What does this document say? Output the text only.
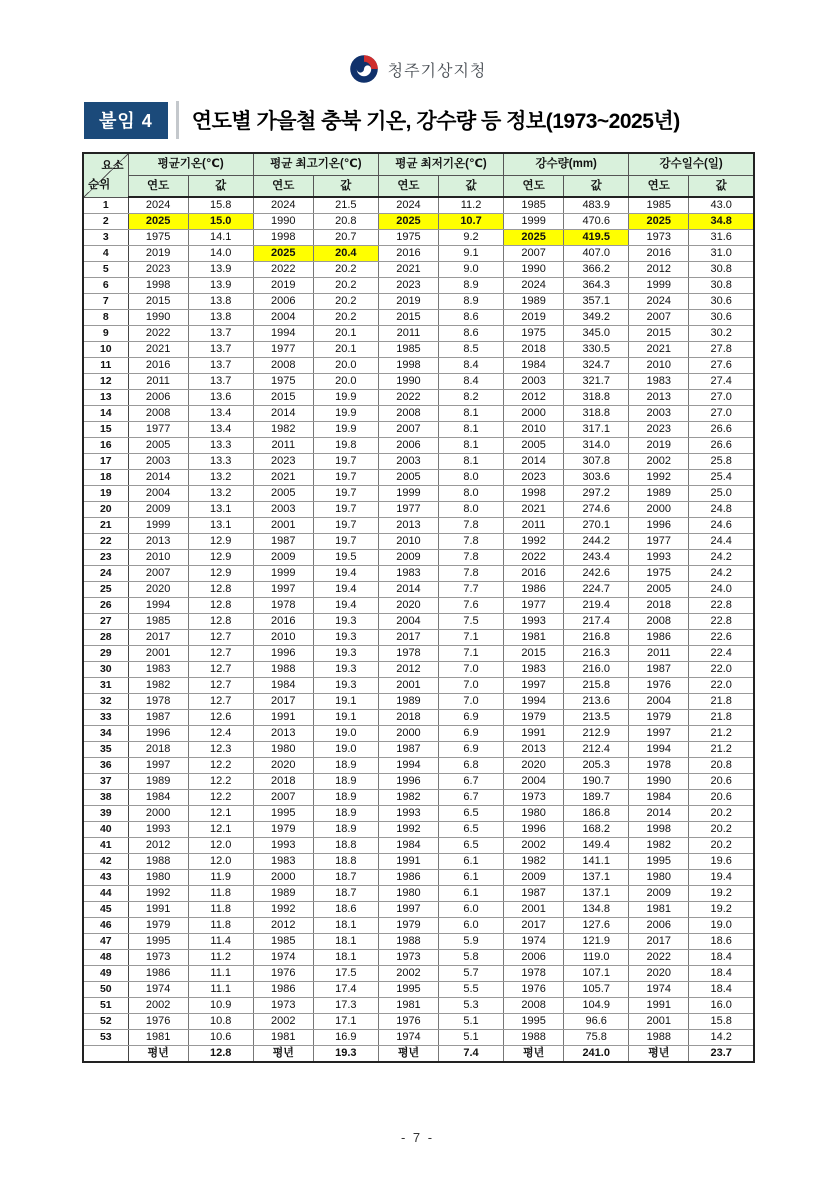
청주기상지청
붙임 4	연도별 가을철 충북 기온, 강수량 등 정보(1973~2025년)
요소
순위	평균기온(℃)		평균 최고기온(℃)		평균 최저기온(℃)		강수량(mm)		강수일수(일)	
	연도	값	연도	값	연도	값	연도	값	연도	값
1	2024	15.8	2024	21.5	2024	11.2	1985	483.9	1985	43.0
2	2025	15.0	1990	20.8	2025	10.7	1999	470.6	2025	34.8
3	1975	14.1	1998	20.7	1975	9.2	2025	419.5	1973	31.6
4	2019	14.0	2025	20.4	2016	9.1	2007	407.0	2016	31.0
5	2023	13.9	2022	20.2	2021	9.0	1990	366.2	2012	30.8
6	1998	13.9	2019	20.2	2023	8.9	2024	364.3	1999	30.8
7	2015	13.8	2006	20.2	2019	8.9	1989	357.1	2024	30.6
8	1990	13.8	2004	20.2	2015	8.6	2019	349.2	2007	30.6
9	2022	13.7	1994	20.1	2011	8.6	1975	345.0	2015	30.2
10	2021	13.7	1977	20.1	1985	8.5	2018	330.5	2021	27.8
11	2016	13.7	2008	20.0	1998	8.4	1984	324.7	2010	27.6
12	2011	13.7	1975	20.0	1990	8.4	2003	321.7	1983	27.4
13	2006	13.6	2015	19.9	2022	8.2	2012	318.8	2013	27.0
14	2008	13.4	2014	19.9	2008	8.1	2000	318.8	2003	27.0
15	1977	13.4	1982	19.9	2007	8.1	2010	317.1	2023	26.6
16	2005	13.3	2011	19.8	2006	8.1	2005	314.0	2019	26.6
17	2003	13.3	2023	19.7	2003	8.1	2014	307.8	2002	25.8
18	2014	13.2	2021	19.7	2005	8.0	2023	303.6	1992	25.4
19	2004	13.2	2005	19.7	1999	8.0	1998	297.2	1989	25.0
20	2009	13.1	2003	19.7	1977	8.0	2021	274.6	2000	24.8
21	1999	13.1	2001	19.7	2013	7.8	2011	270.1	1996	24.6
22	2013	12.9	1987	19.7	2010	7.8	1992	244.2	1977	24.4
23	2010	12.9	2009	19.5	2009	7.8	2022	243.4	1993	24.2
24	2007	12.9	1999	19.4	1983	7.8	2016	242.6	1975	24.2
25	2020	12.8	1997	19.4	2014	7.7	1986	224.7	2005	24.0
26	1994	12.8	1978	19.4	2020	7.6	1977	219.4	2018	22.8
27	1985	12.8	2016	19.3	2004	7.5	1993	217.4	2008	22.8
28	2017	12.7	2010	19.3	2017	7.1	1981	216.8	1986	22.6
29	2001	12.7	1996	19.3	1978	7.1	2015	216.3	2011	22.4
30	1983	12.7	1988	19.3	2012	7.0	1983	216.0	1987	22.0
31	1982	12.7	1984	19.3	2001	7.0	1997	215.8	1976	22.0
32	1978	12.7	2017	19.1	1989	7.0	1994	213.6	2004	21.8
33	1987	12.6	1991	19.1	2018	6.9	1979	213.5	1979	21.8
34	1996	12.4	2013	19.0	2000	6.9	1991	212.9	1997	21.2
35	2018	12.3	1980	19.0	1987	6.9	2013	212.4	1994	21.2
36	1997	12.2	2020	18.9	1994	6.8	2020	205.3	1978	20.8
37	1989	12.2	2018	18.9	1996	6.7	2004	190.7	1990	20.6
38	1984	12.2	2007	18.9	1982	6.7	1973	189.7	1984	20.6
39	2000	12.1	1995	18.9	1993	6.5	1980	186.8	2014	20.2
40	1993	12.1	1979	18.9	1992	6.5	1996	168.2	1998	20.2
41	2012	12.0	1993	18.8	1984	6.5	2002	149.4	1982	20.2
42	1988	12.0	1983	18.8	1991	6.1	1982	141.1	1995	19.6
43	1980	11.9	2000	18.7	1986	6.1	2009	137.1	1980	19.4
44	1992	11.8	1989	18.7	1980	6.1	1987	137.1	2009	19.2
45	1991	11.8	1992	18.6	1997	6.0	2001	134.8	1981	19.2
46	1979	11.8	2012	18.1	1979	6.0	2017	127.6	2006	19.0
47	1995	11.4	1985	18.1	1988	5.9	1974	121.9	2017	18.6
48	1973	11.2	1974	18.1	1973	5.8	2006	119.0	2022	18.4
49	1986	11.1	1976	17.5	2002	5.7	1978	107.1	2020	18.4
50	1974	11.1	1986	17.4	1995	5.5	1976	105.7	1974	18.4
51	2002	10.9	1973	17.3	1981	5.3	2008	104.9	1991	16.0
52	1976	10.8	2002	17.1	1976	5.1	1995	96.6	2001	15.8
53	1981	10.6	1981	16.9	1974	5.1	1988	75.8	1988	14.2
	평년	12.8	평년	19.3	평년	7.4	평년	241.0	평년	23.7
- 7 -
